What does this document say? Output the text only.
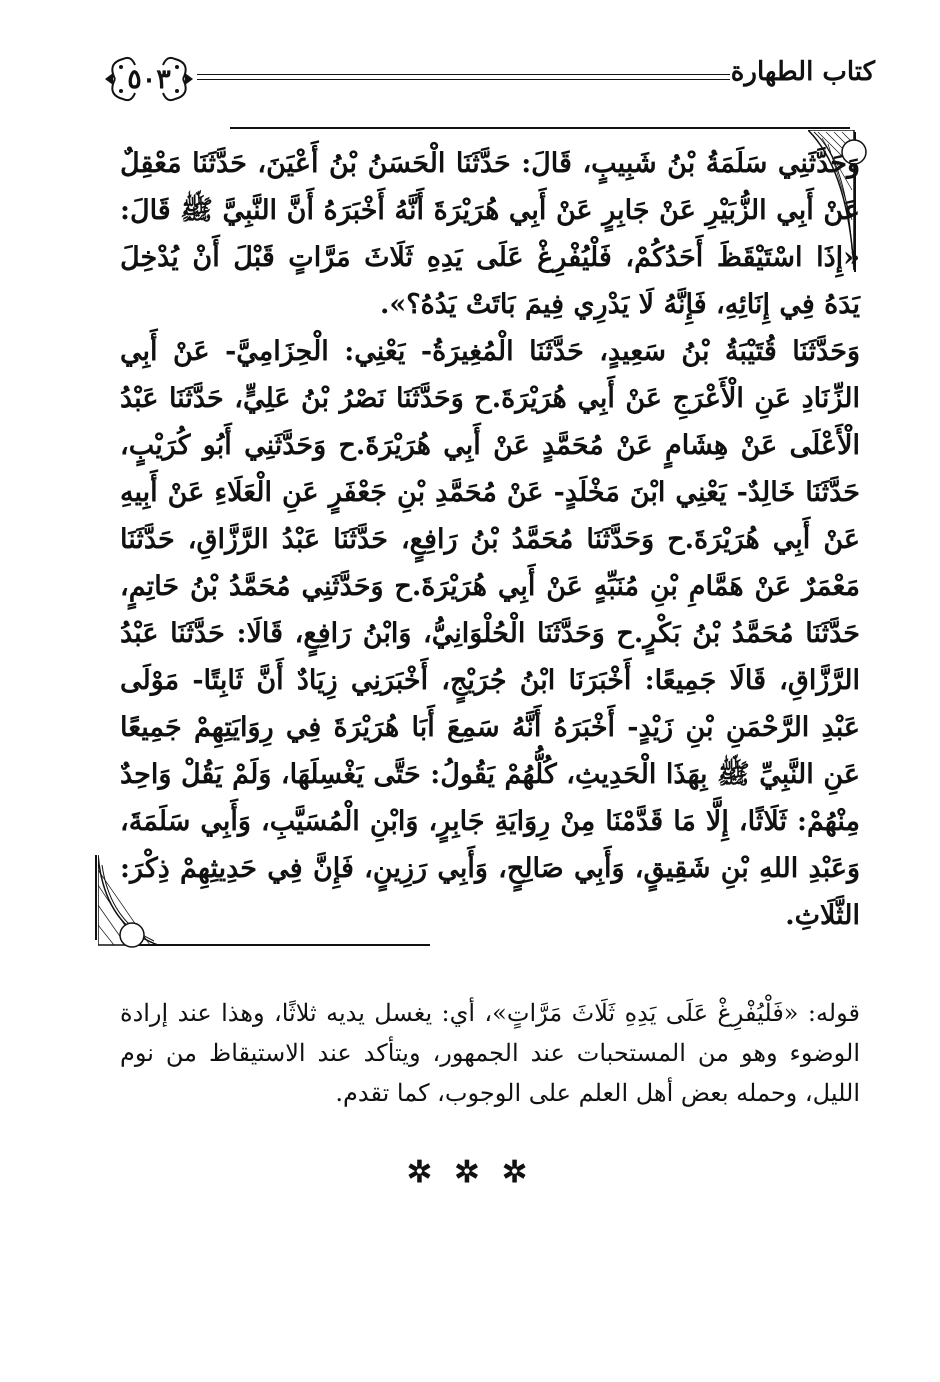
٥٠٣	كتاب الطهارة

وَحَدَّثَنِي سَلَمَةُ بْنُ شَبِيبٍ، قَالَ: حَدَّثَنَا الْحَسَنُ بْنُ أَعْيَنَ، حَدَّثَنَا مَعْقِلٌ عَنْ أَبِي الزُّبَيْرِ عَنْ جَابِرٍ عَنْ أَبِي هُرَيْرَةَ أَنَّهُ أَخْبَرَهُ أَنَّ النَّبِيَّ ﷺ قَالَ: «إِذَا اسْتَيْقَظَ أَحَدُكُمْ، فَلْيُفْرِغْ عَلَى يَدِهِ ثَلَاثَ مَرَّاتٍ قَبْلَ أَنْ يُدْخِلَ يَدَهُ فِي إِنَائِهِ، فَإِنَّهُ لَا يَدْرِي فِيمَ بَاتَتْ يَدُهُ؟».

وَحَدَّثَنَا قُتَيْبَةُ بْنُ سَعِيدٍ، حَدَّثَنَا الْمُغِيرَةُ- يَعْنِي: الْحِزَامِيَّ- عَنْ أَبِي الزِّنَادِ عَنِ الْأَعْرَجِ عَنْ أَبِي هُرَيْرَةَ.ح وَحَدَّثَنَا نَصْرُ بْنُ عَلِيٍّ، حَدَّثَنَا عَبْدُ الْأَعْلَى عَنْ هِشَامٍ عَنْ مُحَمَّدٍ عَنْ أَبِي هُرَيْرَةَ.ح وَحَدَّثَنِي أَبُو كُرَيْبٍ، حَدَّثَنَا خَالِدٌ- يَعْنِي ابْنَ مَخْلَدٍ- عَنْ مُحَمَّدِ بْنِ جَعْفَرٍ عَنِ الْعَلَاءِ عَنْ أَبِيهِ عَنْ أَبِي هُرَيْرَةَ.ح وَحَدَّثَنَا مُحَمَّدُ بْنُ رَافِعٍ، حَدَّثَنَا عَبْدُ الرَّزَّاقِ، حَدَّثَنَا مَعْمَرٌ عَنْ هَمَّامِ بْنِ مُنَبِّهٍ عَنْ أَبِي هُرَيْرَةَ.ح وَحَدَّثَنِي مُحَمَّدُ بْنُ حَاتِمٍ، حَدَّثَنَا مُحَمَّدُ بْنُ بَكْرٍ.ح وَحَدَّثَنَا الْحُلْوَانِيُّ، وَابْنُ رَافِعٍ، قَالَا: حَدَّثَنَا عَبْدُ الرَّزَّاقِ، قَالَا جَمِيعًا: أَخْبَرَنَا ابْنُ جُرَيْجٍ، أَخْبَرَنِي زِيَادٌ أَنَّ ثَابِتًا- مَوْلَى عَبْدِ الرَّحْمَنِ بْنِ زَيْدٍ- أَخْبَرَهُ أَنَّهُ سَمِعَ أَبَا هُرَيْرَةَ فِي رِوَايَتِهِمْ جَمِيعًا عَنِ النَّبِيِّ ﷺ بِهَذَا الْحَدِيثِ، كُلُّهُمْ يَقُولُ: حَتَّى يَغْسِلَهَا، وَلَمْ يَقُلْ وَاحِدٌ مِنْهُمْ: ثَلَاثًا، إِلَّا مَا قَدَّمْنَا مِنْ رِوَايَةِ جَابِرٍ، وَابْنِ الْمُسَيَّبِ، وَأَبِي سَلَمَةَ، وَعَبْدِ اللهِ بْنِ شَقِيقٍ، وَأَبِي صَالِحٍ، وَأَبِي رَزِينٍ، فَإِنَّ فِي حَدِيثِهِمْ ذِكْرَ: الثَّلَاثِ.

قوله: «فَلْيُفْرِغْ عَلَى يَدِهِ ثَلَاثَ مَرَّاتٍ»، أي: يغسل يديه ثلاثًا، وهذا عند إرادة الوضوء وهو من المستحبات عند الجمهور، ويتأكد عند الاستيقاظ من نوم الليل، وحمله بعض أهل العلم على الوجوب، كما تقدم.

✲ ✲ ✲
